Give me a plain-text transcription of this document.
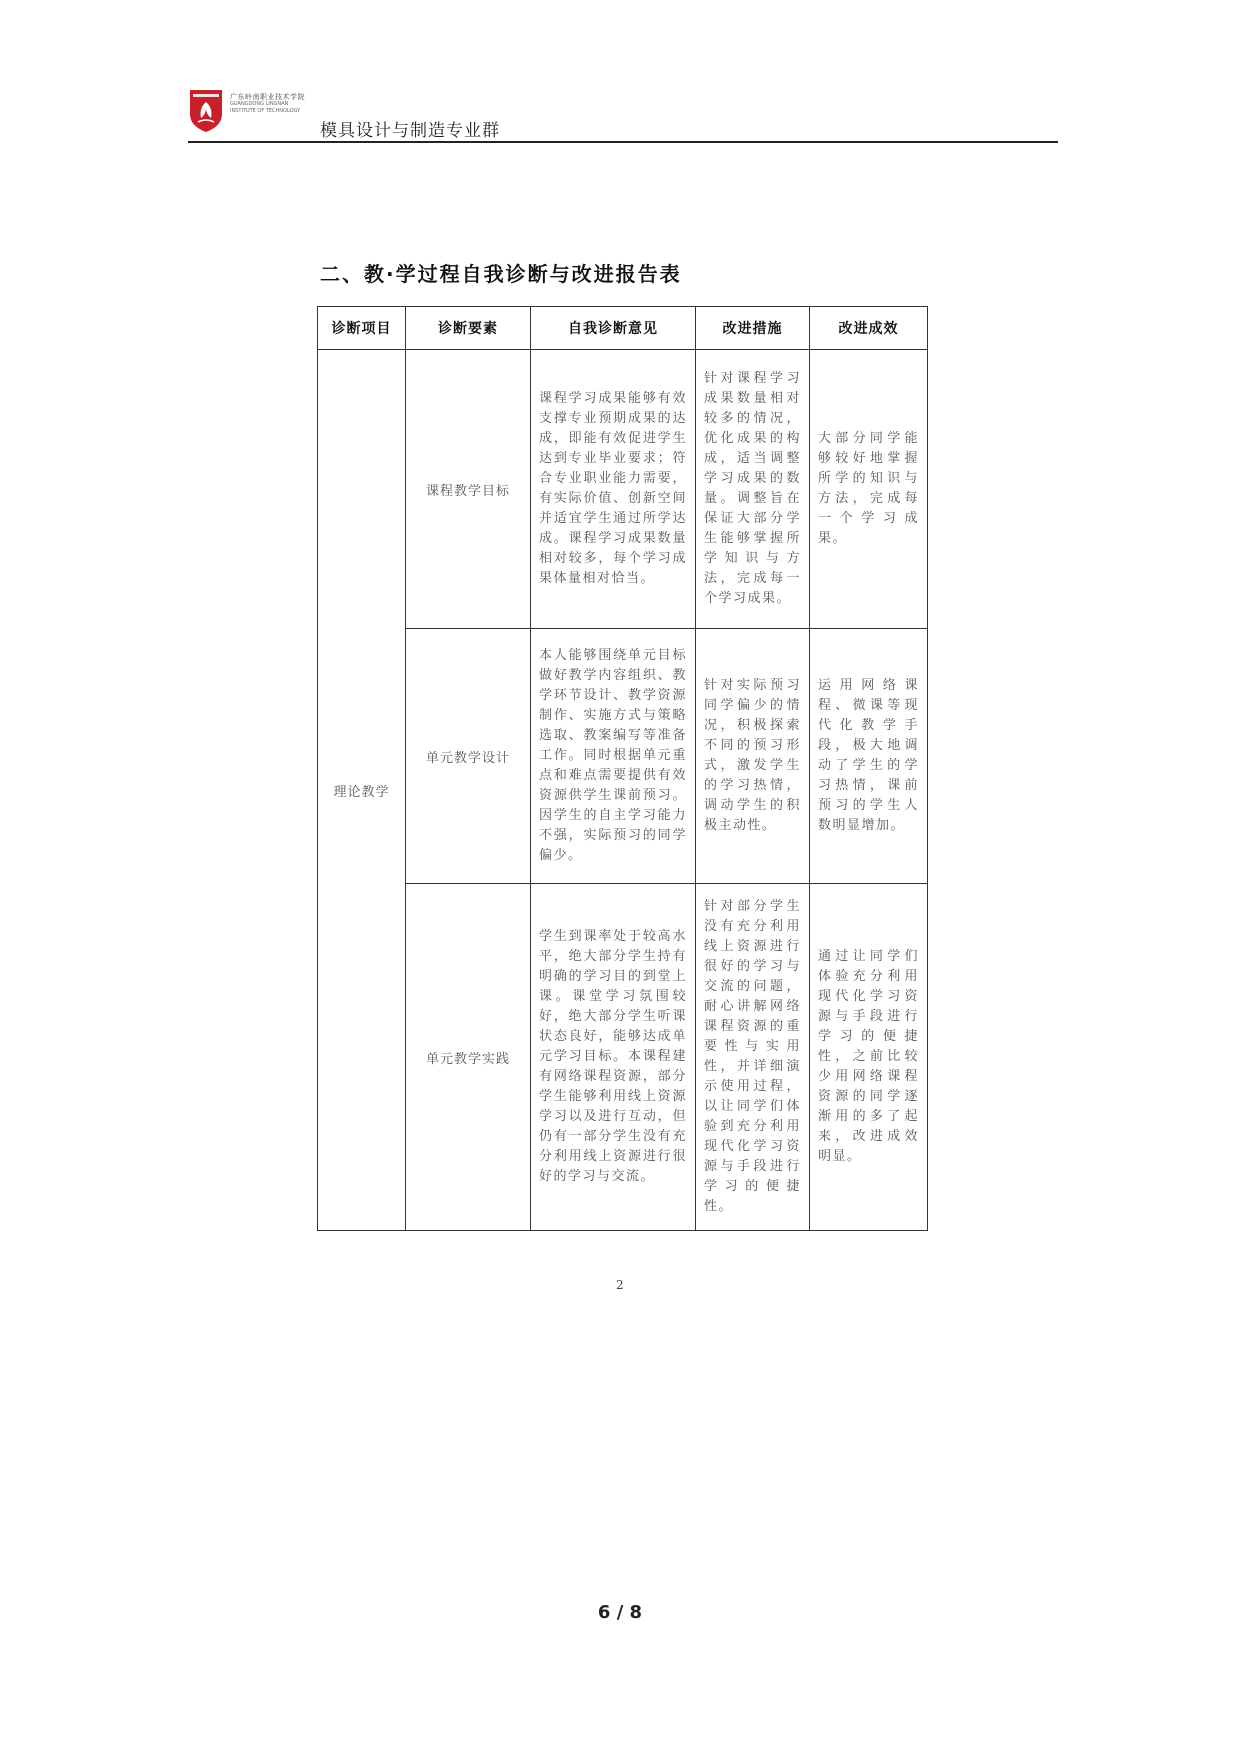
广东岭南职业技术学院
GUANGDONG LINGNAN
INSTITUTE OF TECHNOLOGY
模具设计与制造专业群
二、教·学过程自我诊断与改进报告表
诊断项目	诊断要素	自我诊断意见	改进措施	改进成效
理论教学	课程教学目标	课程学习成果能够有效支撑专业预期成果的达成，即能有效促进学生达到专业毕业要求；符合专业职业能力需要，有实际价值、创新空间并适宜学生通过所学达成。课程学习成果数量相对较多，每个学习成果体量相对恰当。	针对课程学习成果数量相对较多的情况，优化成果的构成，适当调整学习成果的数量。调整旨在保证大部分学生能够掌握所学知识与方法，完成每一个学习成果。	大部分同学能够较好地掌握所学的知识与方法，完成每一个学习成果。
	单元教学设计	本人能够围绕单元目标做好教学内容组织、教学环节设计、教学资源制作、实施方式与策略选取、教案编写等准备工作。同时根据单元重点和难点需要提供有效资源供学生课前预习。因学生的自主学习能力不强，实际预习的同学偏少。	针对实际预习同学偏少的情况，积极探索不同的预习形式，激发学生的学习热情，调动学生的积极主动性。	运用网络课程、微课等现代化教学手段，极大地调动了学生的学习热情，课前预习的学生人数明显增加。
	单元教学实践	学生到课率处于较高水平，绝大部分学生持有明确的学习目的到堂上课。课堂学习氛围较好，绝大部分学生听课状态良好，能够达成单元学习目标。本课程建有网络课程资源，部分学生能够利用线上资源学习以及进行互动，但仍有一部分学生没有充分利用线上资源进行很好的学习与交流。	针对部分学生没有充分利用线上资源进行很好的学习与交流的问题，耐心讲解网络课程资源的重要性与实用性，并详细演示使用过程，以让同学们体验到充分利用现代化学习资源与手段进行学习的便捷性。	通过让同学们体验充分利用现代化学习资源与手段进行学习的便捷性，之前比较少用网络课程资源的同学逐渐用的多了起来，改进成效明显。
2
6 / 8
